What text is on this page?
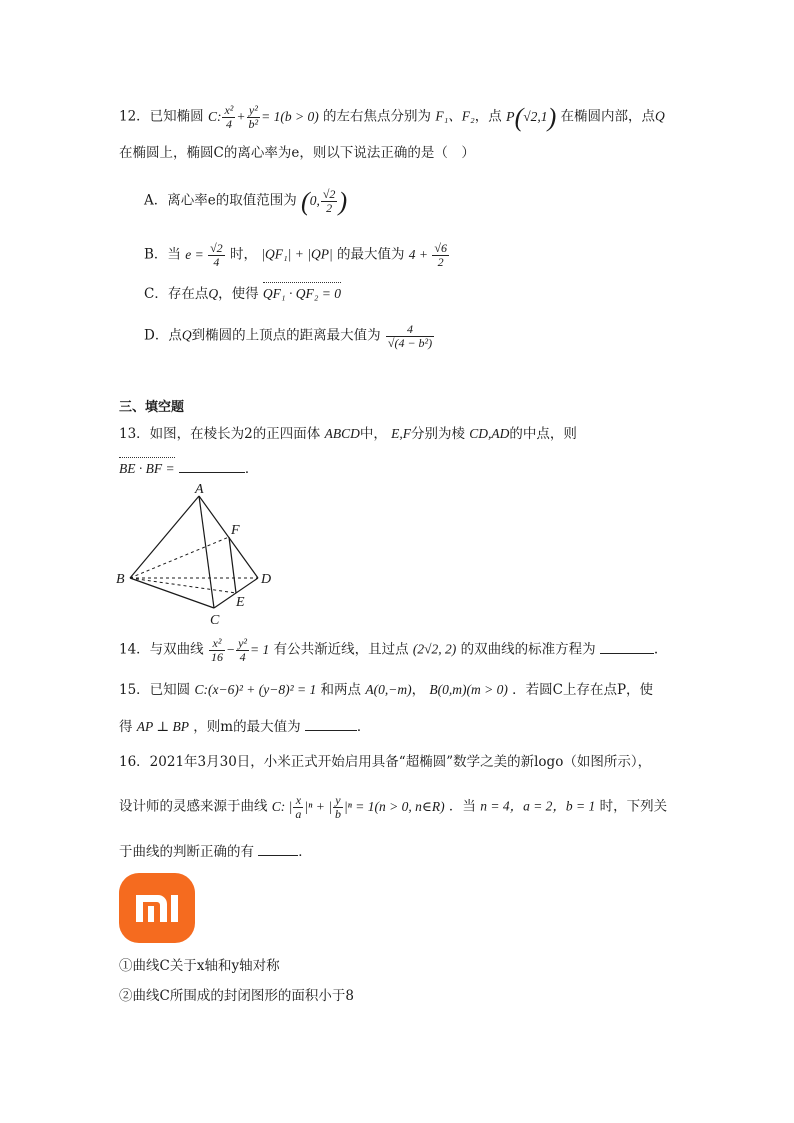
12．已知椭圆 C: $\frac{\text{x²}}{4} + \frac{\text{y²}}{\text{b²}} = 1(b > 0)$ 的左右焦点分别为 F₁、F₂，点 P(√2,1) 在椭圆内部，点Q
在椭圆上，椭圆C的离心率为e，则以下说法正确的是（　）
A．离心率e的取值范围为 (0, $\frac{√2}{2}$ )
B．当 $e = \frac{√2}{4}$ 时， |QF₁| + |QP| 的最大值为 $4 + \frac{√6}{2}$
C．存在点Q，使得 QF₁ · QF₂ = 0
D．点Q到椭圆的上顶点的距离最大值为 $\frac{4}{\text{√(4 − b²)}}$
三、填空题
13．如图，在棱长为2的正四面体 ABCD中， E,F分别为棱 CD,AD的中点，则
BE · BF =	．
A
B
C
D
E
F
14．与双曲线 $\frac{\text{x²}}{16} - \frac{\text{y²}}{4} = 1$ 有公共渐近线，且过点 (2√2, 2) 的双曲线的标准方程为	.
15．已知圆 C:(x−6)² + (y−8)² = 1 和两点 A(0,−m)， B(0,m)(m > 0) ．若圆C上存在点P，使
得 AP ⊥ BP ，则m的最大值为	．
16．2021年3月30日，小米正式开始启用具备“超椭圆”数学之美的新logo（如图所示），
设计师的灵感来源于曲线 C: | $\frac{x}{a} |^n$ + | $\frac{y}{b} |^n = 1(n > 0$, n∈R) ．当 n = 4，a = 2，b = 1 时，下列关
于曲线的判断正确的有	．
①曲线C关于x轴和y轴对称
②曲线C所围成的封闭图形的面积小于8
